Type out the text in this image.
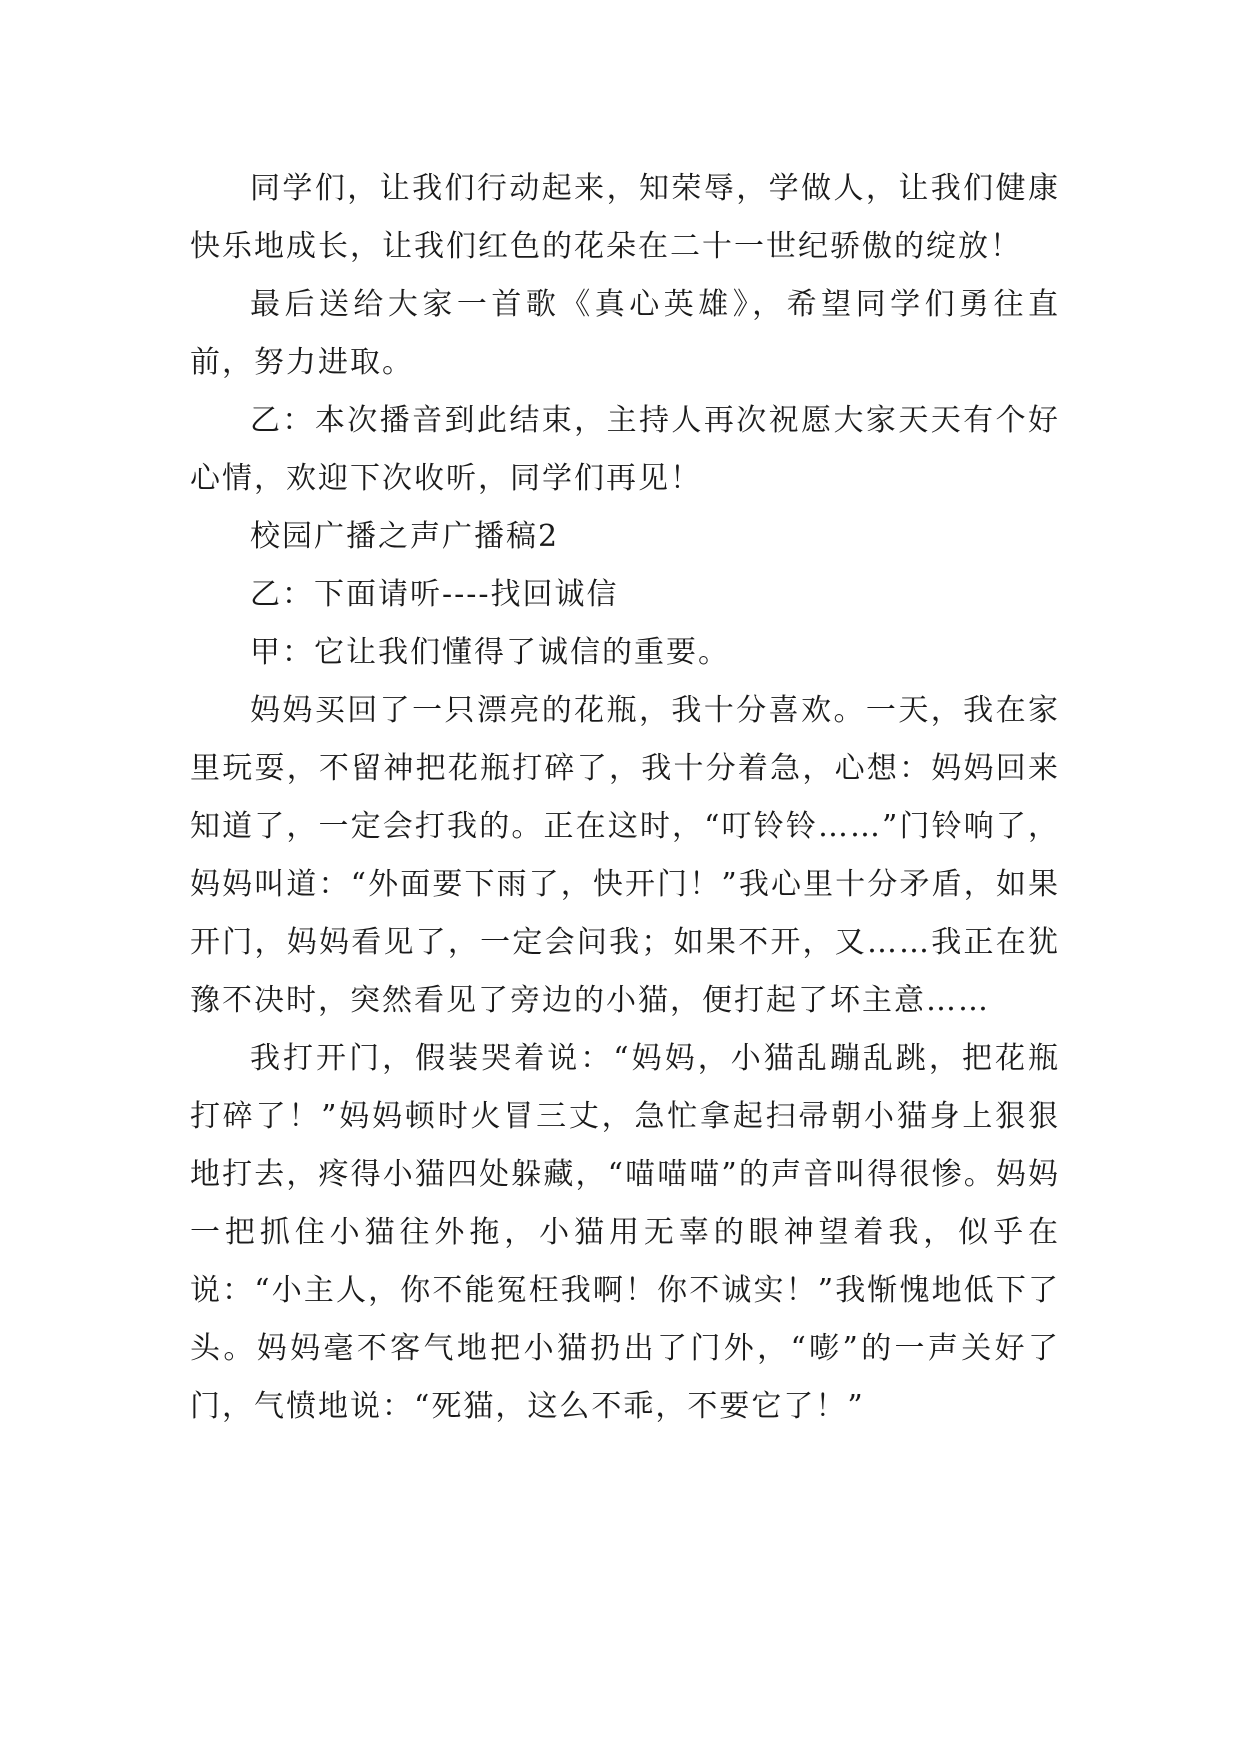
同学们，让我们行动起来，知荣辱，学做人，让我们健康快乐地成长，让我们红色的花朵在二十一世纪骄傲的绽放！

最后送给大家一首歌《真心英雄》，希望同学们勇往直前，努力进取。

乙：本次播音到此结束，主持人再次祝愿大家天天有个好心情，欢迎下次收听，同学们再见！

校园广播之声广播稿2

乙：下面请听----找回诚信

甲：它让我们懂得了诚信的重要。

妈妈买回了一只漂亮的花瓶，我十分喜欢。一天，我在家里玩耍，不留神把花瓶打碎了，我十分着急，心想：妈妈回来知道了，一定会打我的。正在这时，“叮铃铃……”门铃响了，妈妈叫道：“外面要下雨了，快开门！”我心里十分矛盾，如果开门，妈妈看见了，一定会问我；如果不开，又……我正在犹豫不决时，突然看见了旁边的小猫，便打起了坏主意……

我打开门，假装哭着说：“妈妈，小猫乱蹦乱跳，把花瓶打碎了！”妈妈顿时火冒三丈，急忙拿起扫帚朝小猫身上狠狠地打去，疼得小猫四处躲藏，“喵喵喵”的声音叫得很惨。妈妈一把抓住小猫往外拖，小猫用无辜的眼神望着我，似乎在说：“小主人，你不能冤枉我啊！你不诚实！”我惭愧地低下了头。妈妈毫不客气地把小猫扔出了门外，“嘭”的一声关好了门，气愤地说：“死猫，这么不乖，不要它了！”
